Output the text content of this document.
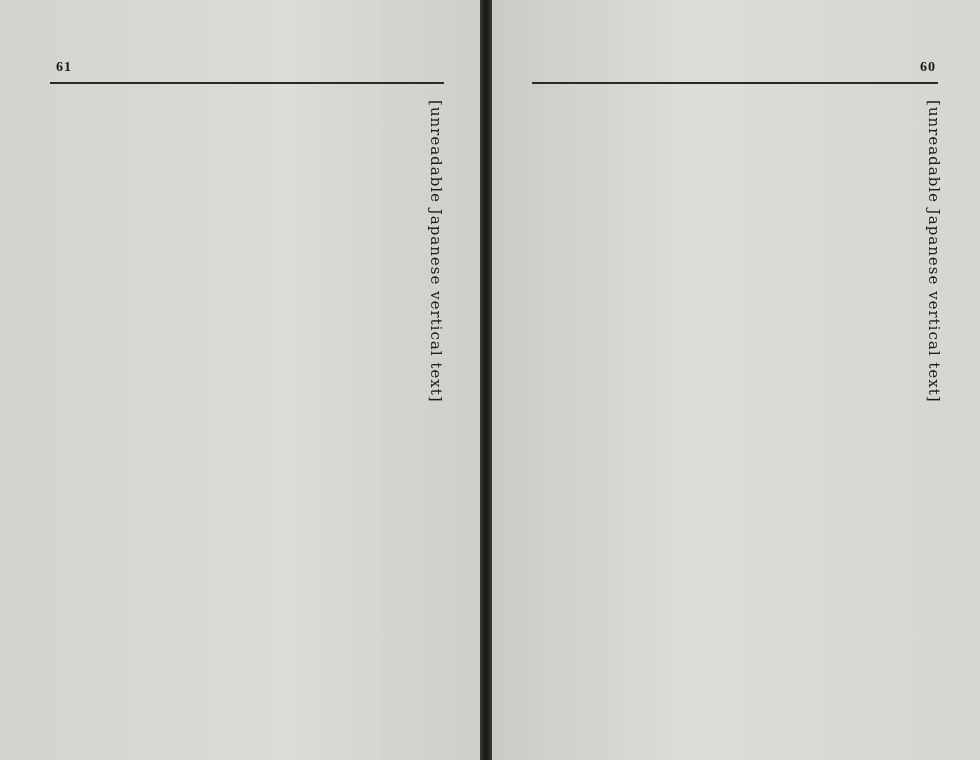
61

[unreadable Japanese vertical text]

60

[unreadable Japanese vertical text]
